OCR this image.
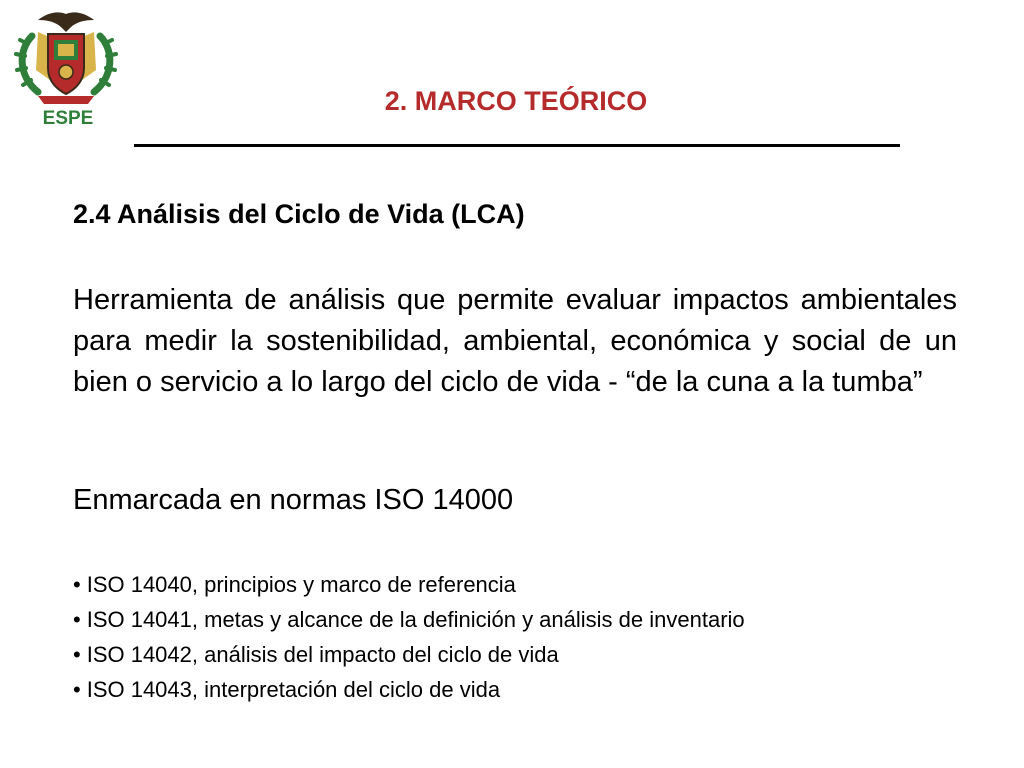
ESPE
2. MARCO TEÓRICO
2.4 Análisis del Ciclo de Vida (LCA)

Herramienta de análisis que permite evaluar impactos ambientales para medir la sostenibilidad, ambiental, económica y social de un bien o servicio a lo largo del ciclo de vida - “de la cuna a la tumba”

Enmarcada en normas ISO 14000

• ISO 14040, principios y marco de referencia
• ISO 14041, metas y alcance de la definición y análisis de inventario
• ISO 14042, análisis del impacto del ciclo de vida
• ISO 14043, interpretación del ciclo de vida
